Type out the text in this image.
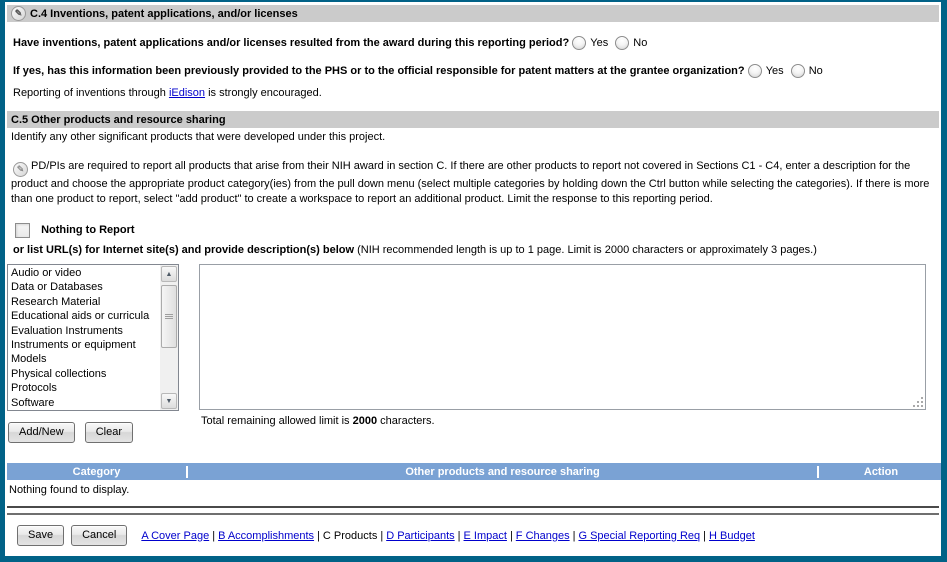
✎ C.4 Inventions, patent applications, and/or licenses
Have inventions, patent applications and/or licenses resulted from the award during this reporting period? Yes No
If yes, has this information been previously provided to the PHS or to the official responsible for patent matters at the grantee organization? Yes No
Reporting of inventions through iEdison is strongly encouraged.
C.5 Other products and resource sharing
Identify any other significant products that were developed under this project.
✎ PD/PIs are required to report all products that arise from their NIH award in section C. If there are other products to report not covered in Sections C1 - C4, enter a description for the product and choose the appropriate product category(ies) from the pull down menu (select multiple categories by holding down the Ctrl button while selecting the categories). If there is more than one product to report, select "add product" to create a workspace to report an additional product. Limit the response to this reporting period.
Nothing to Report
or list URL(s) for Internet site(s) and provide description(s) below (NIH recommended length is up to 1 page. Limit is 2000 characters or approximately 3 pages.)
Audio or video
Data or Databases
Research Material
Educational aids or curricula
Evaluation Instruments
Instruments or equipment
Models
Physical collections
Protocols
Software
▲
▼
Add/New	Clear
Total remaining allowed limit is 2000 characters.
Category	Other products and resource sharing	Action
Nothing found to display.
Save	Cancel	A Cover Page | B Accomplishments | C Products | D Participants | E Impact | F Changes | G Special Reporting Req | H Budget
